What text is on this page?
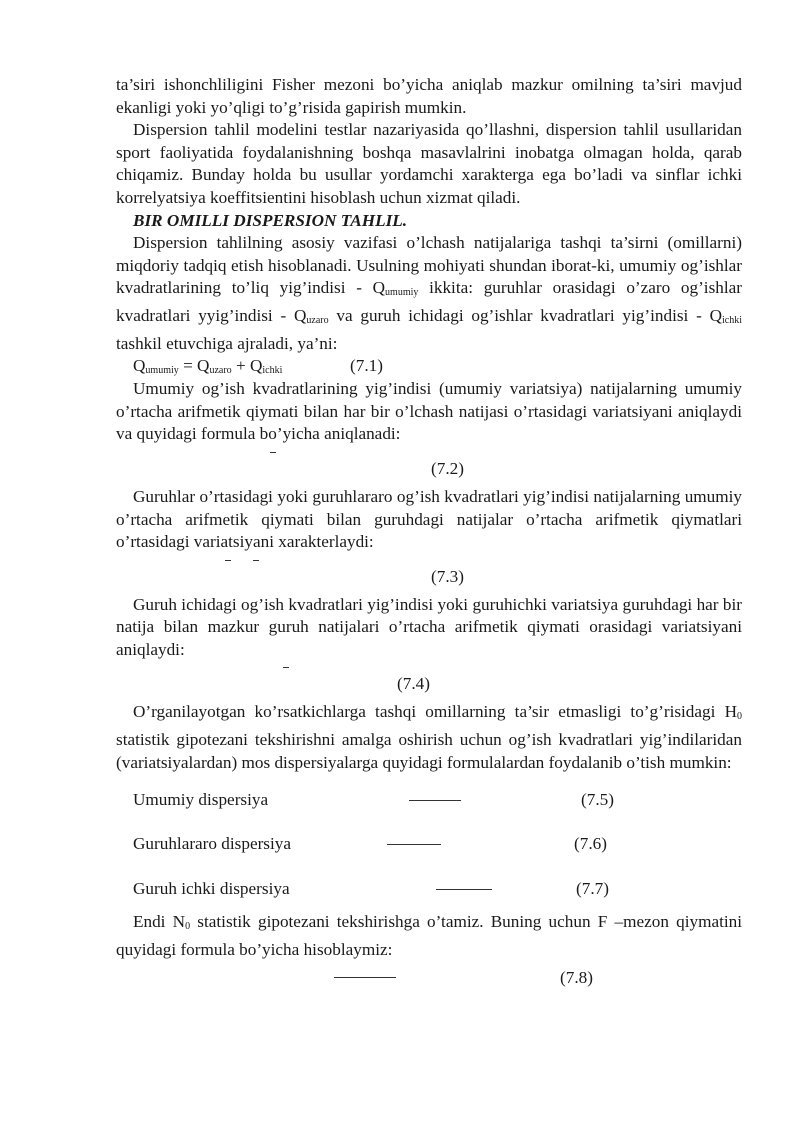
ta’siri ishonchliligini Fisher mezoni bo’yicha aniqlab mazkur omilning ta’siri mavjud ekanligi yoki yo’qligi to’g’risida gapirish mumkin.

Dispersion tahlil modelini testlar nazariyasida qo’llashni, dispersion tahlil usullaridan sport faoliyatida foydalanishning boshqa masavlalrini inobatga olmagan holda, qarab chiqamiz. Bunday holda bu usullar yordamchi xarakterga ega bo’ladi va sinflar ichki korrelyatsiya koeffitsientini hisoblash uchun xizmat qiladi.

BIR OMILLI DISPERSION TAHLIL.

Dispersion tahlilning asosiy vazifasi o’lchash natijalariga tashqi ta’sirni (omillarni) miqdoriy tadqiq etish hisoblanadi. Usulning mohiyati shundan iborat-ki, umumiy og’ishlar kvadratlarining to’liq yig’indisi - $Q_{umumiy}$ ikkita: guruhlar orasidagi o’zaro og’ishlar kvadratlari yyig’indisi - $Q_{uzaro}$ va guruh ichidagi og’ishlar kvadratlari yig’indisi - $Q_{ichki}$ tashkil etuvchiga ajraladi, ya’ni:

$Q_{umumiy} = Q_{uzaro} + Q_{ichki}$	(7.1)

Umumiy og’ish kvadratlarining yig’indisi (umumiy variatsiya) natijalarning umumiy o’rtacha arifmetik qiymati bilan har bir o’lchash natijasi o’rtasidagi variatsiyani aniqlaydi va quyidagi formula bo’yicha aniqlanadi:

(7.2)

Guruhlar o’rtasidagi yoki guruhlararo og’ish kvadratlari yig’indisi natijalarning umumiy o’rtacha arifmetik qiymati bilan guruhdagi natijalar o’rtacha arifmetik qiymatlari o’rtasidagi variatsiyani xarakterlaydi:

(7.3)

Guruh ichidagi og’ish kvadratlari yig’indisi yoki guruhichki variatsiya guruhdagi har bir natija bilan mazkur guruh natijalari o’rtacha arifmetik qiymati orasidagi variatsiyani aniqlaydi:

(7.4)

O’rganilayotgan ko’rsatkichlarga tashqi omillarning ta’sir etmasligi to’g’risidagi $H_0$ statistik gipotezani tekshirishni amalga oshirish uchun og’ish kvadratlari yig’indilaridan (variatsiyalardan) mos dispersiyalarga quyidagi formulalardan foydalanib o’tish mumkin:

Umumiy dispersiya	(7.5)
Guruhlararo dispersiya	(7.6)
Guruh ichki dispersiya	(7.7)

Endi $N_0$ statistik gipotezani tekshirishga o’tamiz. Buning uchun F –mezon qiymatini quyidagi formula bo’yicha hisoblaymiz:

(7.8)
